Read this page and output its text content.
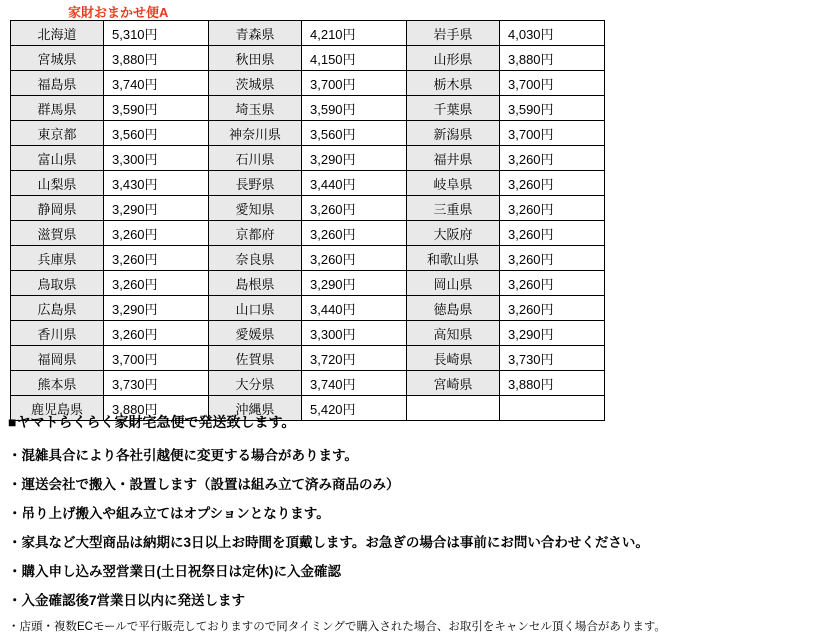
家財おまかせ便A
北海道	5,310円	青森県	4,210円	岩手県	4,030円
宮城県	3,880円	秋田県	4,150円	山形県	3,880円
福島県	3,740円	茨城県	3,700円	栃木県	3,700円
群馬県	3,590円	埼玉県	3,590円	千葉県	3,590円
東京都	3,560円	神奈川県	3,560円	新潟県	3,700円
富山県	3,300円	石川県	3,290円	福井県	3,260円
山梨県	3,430円	長野県	3,440円	岐阜県	3,260円
静岡県	3,290円	愛知県	3,260円	三重県	3,260円
滋賀県	3,260円	京都府	3,260円	大阪府	3,260円
兵庫県	3,260円	奈良県	3,260円	和歌山県	3,260円
鳥取県	3,260円	島根県	3,290円	岡山県	3,260円
広島県	3,290円	山口県	3,440円	徳島県	3,260円
香川県	3,260円	愛媛県	3,300円	高知県	3,290円
福岡県	3,700円	佐賀県	3,720円	長崎県	3,730円
熊本県	3,730円	大分県	3,740円	宮崎県	3,880円
鹿児島県	3,880円	沖縄県	5,420円		

■ヤマトらくらく家財宅急便で発送致します。

・混雑具合により各社引越便に変更する場合があります。

・運送会社で搬入・設置します（設置は組み立て済み商品のみ）

・吊り上げ搬入や組み立てはオプションとなります。

・家具など大型商品は納期に3日以上お時間を頂戴します。お急ぎの場合は事前にお問い合わせください。

・購入申し込み翌営業日(土日祝祭日は定休)に入金確認

・入金確認後7営業日以内に発送します

・店頭・複数ECモールで平行販売しておりますので同タイミングで購入された場合、お取引をキャンセル頂く場合があります。
